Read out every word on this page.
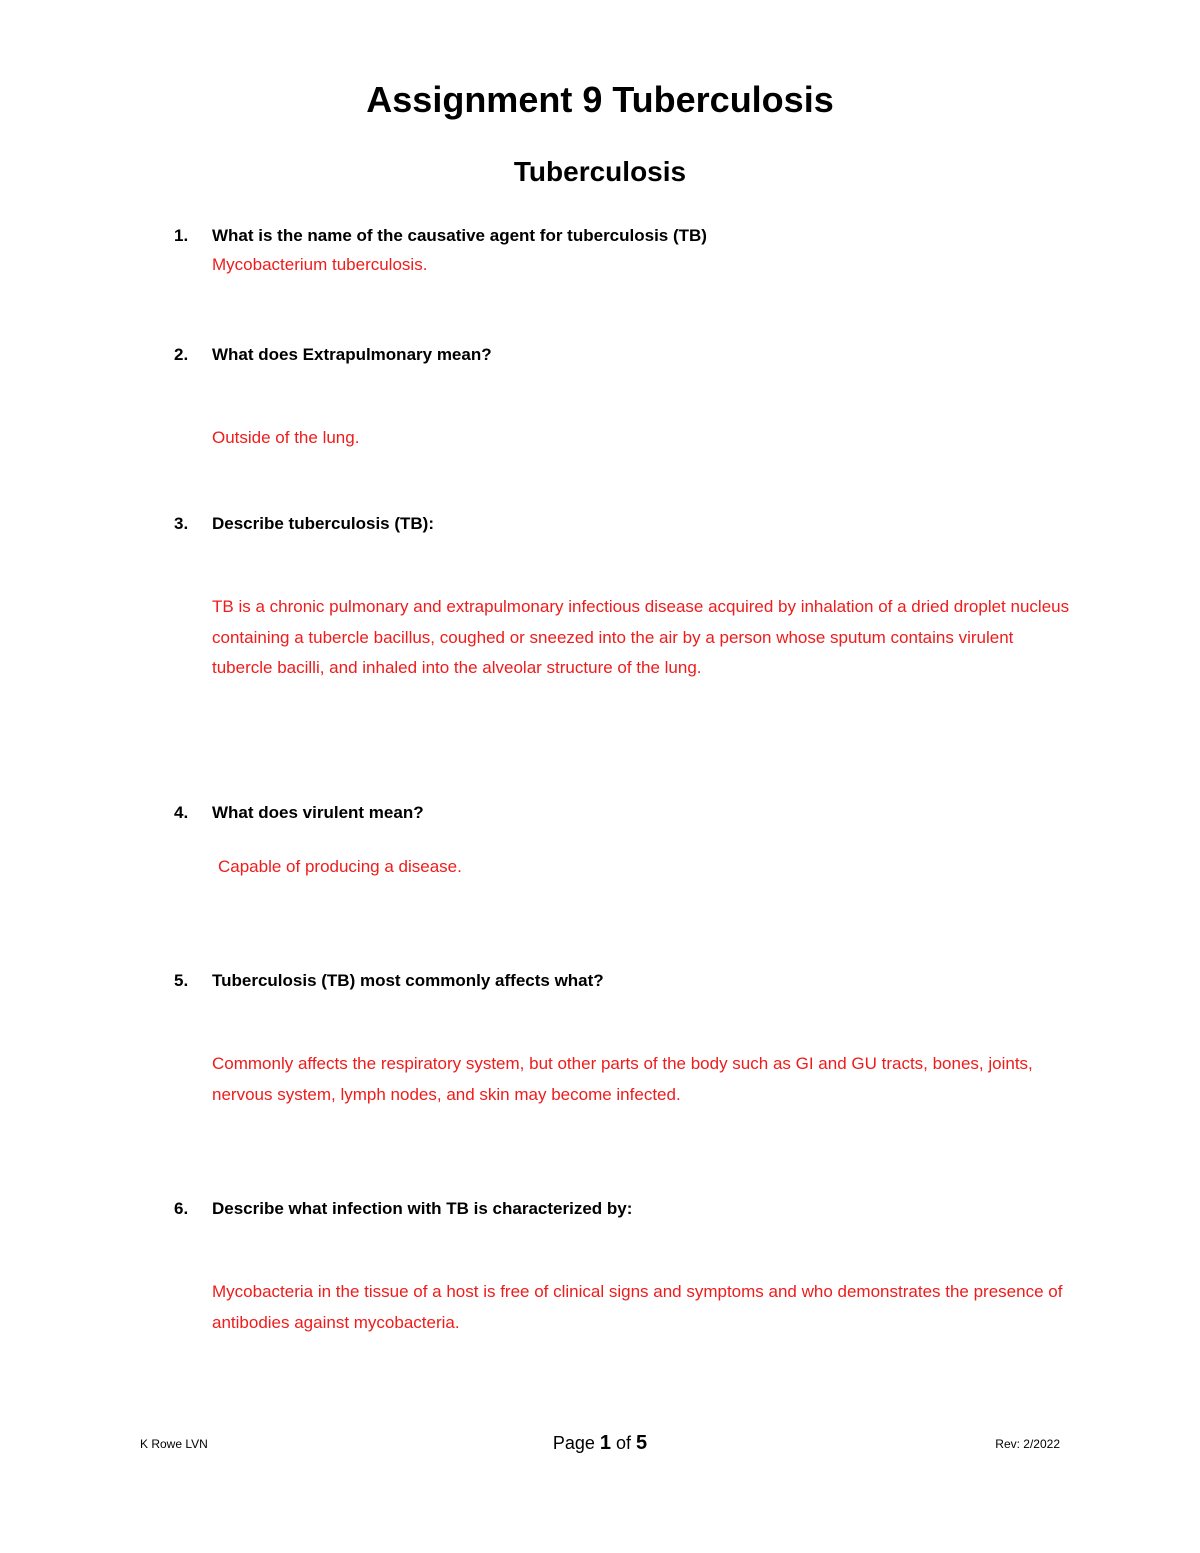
Assignment 9 Tuberculosis
Tuberculosis
1. What is the name of the causative agent for tuberculosis (TB)
Mycobacterium tuberculosis.
2. What does Extrapulmonary mean?
Outside of the lung.
3. Describe tuberculosis (TB):
TB is a chronic pulmonary and extrapulmonary infectious disease acquired by inhalation of a dried droplet nucleus containing a tubercle bacillus, coughed or sneezed into the air by a person whose sputum contains virulent tubercle bacilli, and inhaled into the alveolar structure of the lung.
4. What does virulent mean?
Capable of producing a disease.
5. Tuberculosis (TB) most commonly affects what?
Commonly affects the respiratory system, but other parts of the body such as GI and GU tracts, bones, joints, nervous system, lymph nodes, and skin may become infected.
6. Describe what infection with TB is characterized by:
Mycobacteria in the tissue of a host is free of clinical signs and symptoms and who demonstrates the presence of antibodies against mycobacteria.
K Rowe LVN	Page 1 of 5	Rev: 2/2022
